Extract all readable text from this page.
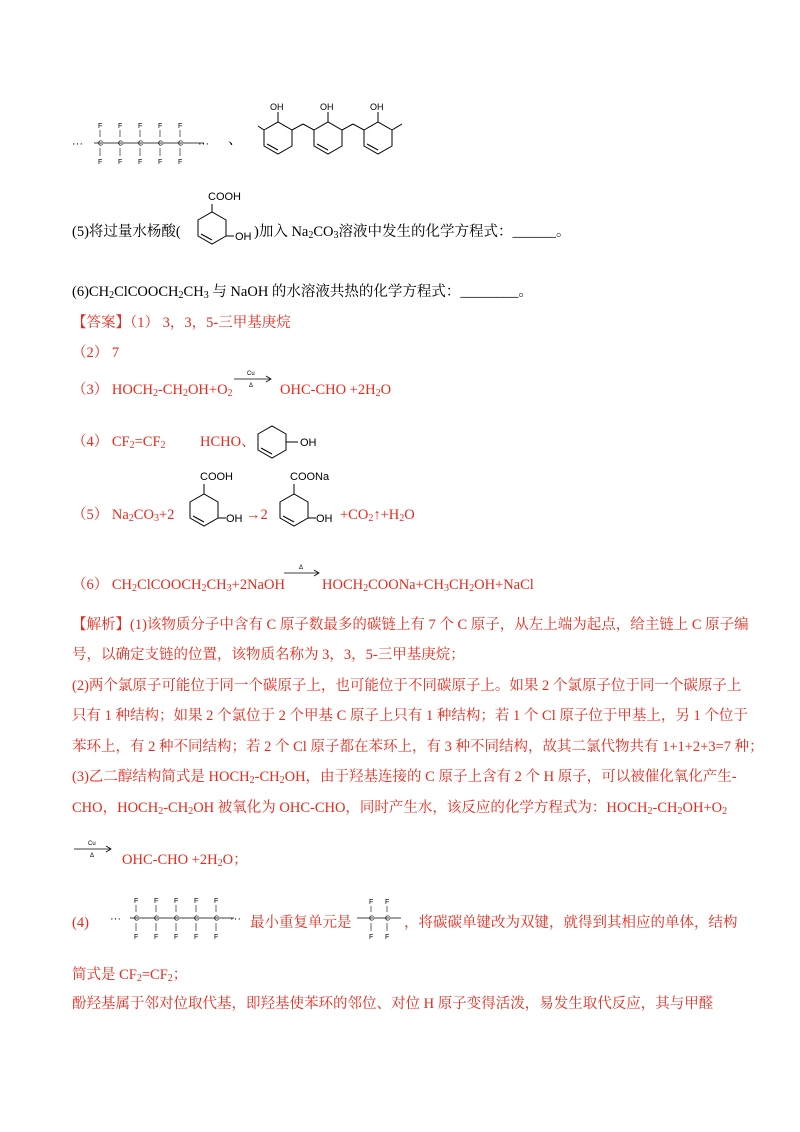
···
F
C
F
F
C
F
F
C
F
F
C
F
F
C
F
··· 、
OH	OH	OH
COOH
OH
(5)将过量水杨酸(	)加入 $Na_2CO_3$溶液中发生的化学方程式：______。
$(6)CH_2ClCOOCH_2CH_3$ 与 NaOH 的水溶液共热的化学方程式：________。
【答案】（1） 3，3，5-三甲基庚烷
（2） 7
（3） $HOCH_2-CH_2OH+O_2$
Cu
Δ $OHC-CHO +2H_2O$
（4） $CF_2=CF_2$ HCHO、	OH
（5） $Na_2CO_3+2$
COOH
OH →2
COONa
OH $+CO_2↑+H_2O$
（6） $CH_2ClCOOCH_2CH_3+2NaOH$
Δ
$HOCH_2COONa+CH_3CH_2OH+NaCl$
【解析】(1)该物质分子中含有 C 原子数最多的碳链上有 7 个 C 原子，从左上端为起点，给主链上 C 原子编
号，以确定支链的位置，该物质名称为 3，3，5-三甲基庚烷；
(2)两个氯原子可能位于同一个碳原子上，也可能位于不同碳原子上。如果 2 个氯原子位于同一个碳原子上
只有 1 种结构；如果 2 个氯位于 2 个甲基 C 原子上只有 1 种结构；若 1 个 Cl 原子位于甲基上，另 1 个位于
苯环上，有 2 种不同结构；若 2 个 Cl 原子都在苯环上，有 3 种不同结构，故其二氯代物共有 1+1+2+3=7 种；
(3)乙二醇结构简式是 $HOCH_2-CH_2OH$，由于羟基连接的 C 原子上含有 2 个 H 原子，可以被催化氧化产生-
CHO，$HOCH_2-CH_2OH$ 被氧化为 OHC-CHO，同时产生水，该反应的化学方程式为：$HOCH_2-CH_2OH+O_2$
Cu
Δ $OHC-CHO +2H_2O$；
(4) ···
F
C
F
F
C
F
F
C
F
F
C
F
F
C
F
··· 最小重复单元是
F
C
F
F
C
F
，将碳碳单键改为双键，就得到其相应的单体，结构
简式是 $CF_2=CF_2$；
酚羟基属于邻对位取代基，即羟基使苯环的邻位、对位 H 原子变得活泼，易发生取代反应，其与甲醛
